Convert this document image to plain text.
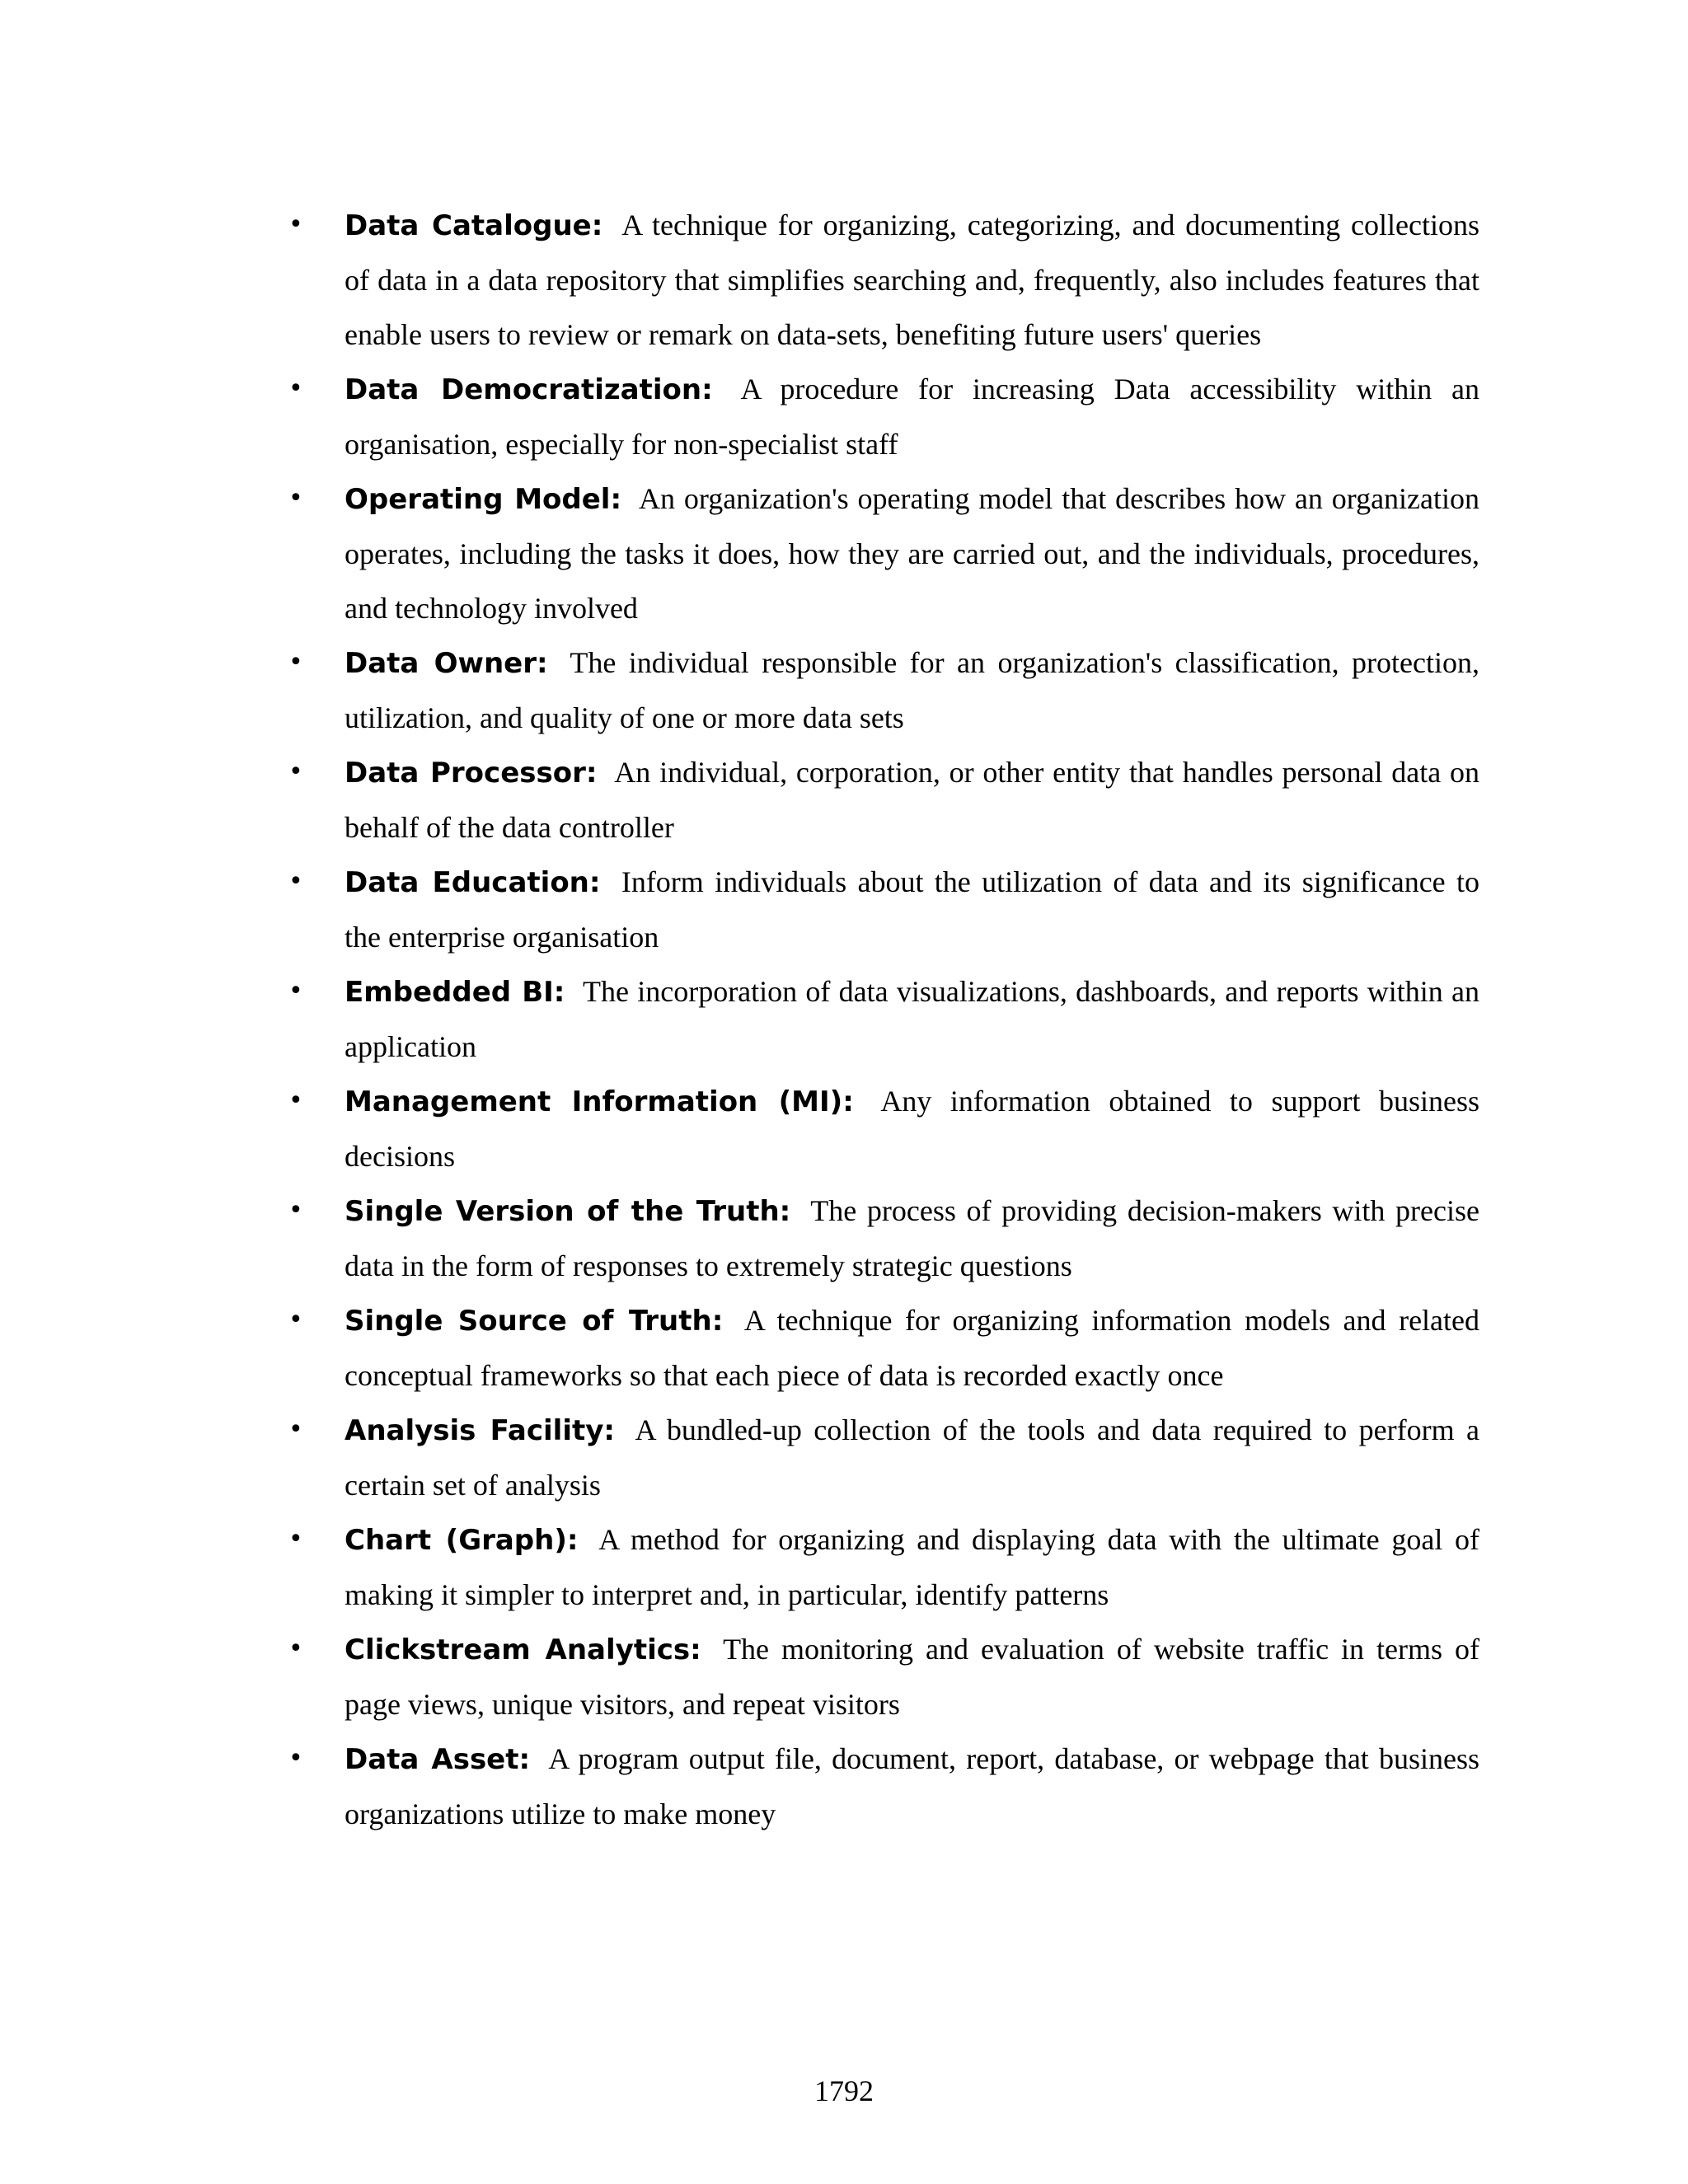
•	Data Catalogue: A technique for organizing, categorizing, and documenting collections of data in a data repository that simplifies searching and, frequently, also includes features that enable users to review or remark on data-sets, benefiting future users' queries
•	Data Democratization: A procedure for increasing Data accessibility within an organisation, especially for non-specialist staff
•	Operating Model: An organization's operating model that describes how an organization operates, including the tasks it does, how they are carried out, and the individuals, procedures, and technology involved
•	Data Owner: The individual responsible for an organization's classification, protection, utilization, and quality of one or more data sets
•	Data Processor: An individual, corporation, or other entity that handles personal data on behalf of the data controller
•	Data Education: Inform individuals about the utilization of data and its significance to the enterprise organisation
•	Embedded BI: The incorporation of data visualizations, dashboards, and reports within an application
•	Management Information (MI): Any information obtained to support business decisions
•	Single Version of the Truth: The process of providing decision-makers with precise data in the form of responses to extremely strategic questions
•	Single Source of Truth: A technique for organizing information models and related conceptual frameworks so that each piece of data is recorded exactly once
•	Analysis Facility: A bundled-up collection of the tools and data required to perform a certain set of analysis
•	Chart (Graph): A method for organizing and displaying data with the ultimate goal of making it simpler to interpret and, in particular, identify patterns
•	Clickstream Analytics: The monitoring and evaluation of website traffic in terms of page views, unique visitors, and repeat visitors
•	Data Asset: A program output file, document, report, database, or webpage that business organizations utilize to make money
1792
